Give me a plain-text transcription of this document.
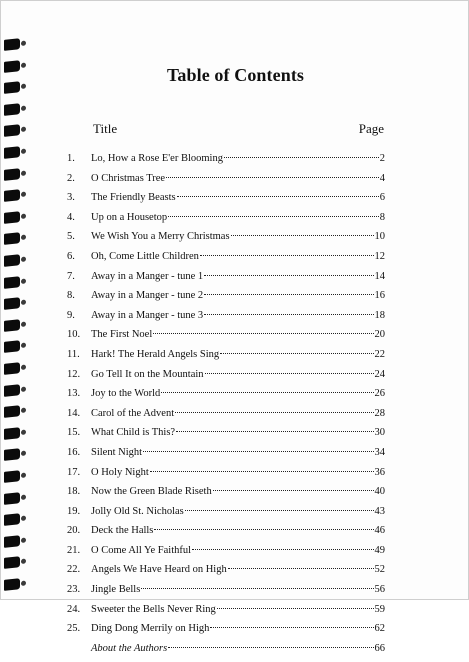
Table of Contents
Title	Page
1.	Lo, How a Rose E'er Blooming	2
2.	O Christmas Tree	4
3.	The Friendly Beasts	6
4.	Up on a Housetop	8
5.	We Wish You a Merry Christmas	10
6.	Oh, Come Little Children	12
7.	Away in a Manger - tune 1	14
8.	Away in a Manger - tune 2	16
9.	Away in a Manger - tune 3	18
10.	The First Noel	20
11.	Hark! The Herald Angels Sing	22
12.	Go Tell It on the Mountain	24
13.	Joy to the World	26
14.	Carol of the Advent	28
15.	What Child is This?	30
16.	Silent Night	34
17.	O Holy Night	36
18.	Now the Green Blade Riseth	40
19.	Jolly Old St. Nicholas	43
20.	Deck the Halls	46
21.	O Come All Ye Faithful	49
22.	Angels We Have Heard on High	52
23.	Jingle Bells	56
24.	Sweeter the Bells Never Ring	59
25.	Ding Dong Merrily on High	62
About the Authors	66
